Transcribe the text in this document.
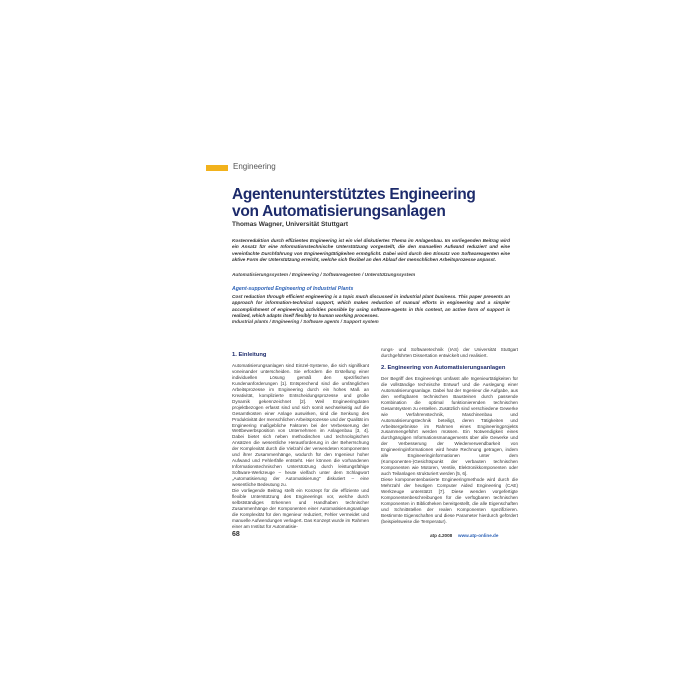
Engineering
Agentenunterstütztes Engineering
von Automatisierungsanlagen
Thomas Wagner, Universität Stuttgart
Kostenreduktion durch effizientes Engineering ist ein viel diskutiertes Thema im Anlagenbau. Im vorliegenden Beitrag wird ein Ansatz für eine Informationstechnische Unterstützung vorgestellt, die den manuellen Aufwand reduziert und eine vereinfachte Durchführung von Engineeringtätigkeiten ermöglicht. Dabei wird durch den Einsatz von Softwareagenten eine aktive Form der Unterstützung erreicht, welche sich flexibel an den Ablauf der menschlichen Arbeitsprozesse anpasst.
Automatisierungssystem / Engineering / Softwareagenten / Unterstützungssystem
Agent-supported Engineering of Industrial Plants
Cost reduction through efficient engineering is a topic much discussed in industrial plant business. This paper presents an approach for information-technical support, which makes reduction of manual efforts in engineering and a simpler accomplishment of engineering activities possible by using software-agents in this context, an active form of support is realized, which adapts itself flexibly to human working processes.
Industrial plants / Engineering / Software agents / Support system
1. Einleitung

Automatisierungsanlagen sind Einzel-Systeme, die sich signifikant voneinander unterscheiden. Sie erfordern die Erstellung einer individuellen Lösung gemäß den spezifischen Kundenanforderungen [1]. Entsprechend sind die umfänglichen Arbeitsprozesse im Engineering durch ein hohes Maß an Kreativität, komplizierte Entscheidungsprozesse und große Dynamik gekennzeichnet [2]. Weil Engineeringdaten projektbezogen erfasst sind und sich somit wechselseitig auf die Gesamtkosten einer Anlage auswirken, sind die Senkung des Produktivität der menschlichen Arbeitsprozesse und der Qualität im Engineering maßgebliche Faktoren bei der Verbesserung der Wettbewerbsposition von Unternehmen im Anlagenbau [3, 4]. Dabei bietet sich neben methodischen und technologischen Ansätzen die wesentliche Herausforderung in der Beherrschung der Komplexität durch die Vielzahl der verwendeten Komponenten und ihrer Zusammenhänge, wodurch für den Ingenieur hoher Aufwand und Fehlerfälle entsteht. Hier können die vorhandenen Informationstechnischen Unterstützung durch leistungsfähige Software-Werkzeuge – heute vielfach unter dem Schlagwort „Automatisierung der Automatisierung" diskutiert – eine wesentliche Bedeutung zu.

Die vorliegende Beitrag stellt ein Konzept für die effiziente und flexible Unterstützung des Engineerings vor, welche durch selbstständiges Erkennen und Handhaben technischer Zusammenhänge der Komponenten einer Automatisierungsanlage die Komplexität für den Ingenieur reduziert, Fehler vermeidet und manuelle Aufwendungen verlagert. Das Konzept wurde im Rahmen einer am Institut für Automatisie-

rungs- und Softwaretechnik (IAS) der Universität Stuttgart durchgeführten Dissertation entwickelt und realisiert.

2. Engineering von Automatisierungsanlagen

Der Begriff des Engineerings umfasst alle Ingenieurtätigkeiten für die vollständige technische Entwurf und die Auslegung einer Automatisierungsanlage. Dabei hat der Ingenieur die Aufgabe, aus den verfügbaren technischen Bausteinen durch passende Kombination die optimal funktionierenden technischen Gesamtsystem zu erstellen. Zusätzlich sind verschiedene Gewerke wie Verfahrenstechnik, Maschinenbau und Automatisierungstechnik beteiligt, deren Tätigkeiten und Arbeitsergebnisse im Rahmen eines Engineeringprojekts zusammengeführt werden müssen. Ein Notwendigkeit eines durchgängigen Informationsmanagements über alle Gewerke und der Verbesserung der Wiederverwendbarkeit von Engineeringinformationen wird heute Rechnung getragen, indem alle Engineeringinformationen unter dem (Komponenten-)Gesichtspunkt der verbauten technischen Komponenten wie Motoren, Ventile, Elektronikkomponenten oder auch Teilanlagen strukturiert werden [5, 6].

Diese komponentenbasierte Engineeringmethode wird durch die Mehrzahl der heutigen Computer Aided Engineering (CAE) Werkzeuge unterstützt [7]. Diese wenden vorgefertigte Komponentenbeschreibungen für die verfügbaren technischen Komponenten in Bibliotheken bereitgestellt, die alle Eigenschaften und Schnittstellen der realen Komponenten spezifizieren. Bestimmte Eigenschaften und diese Parameter hierdurch gefördert (beispielsweise die Temperatur).

68	atp 4.2008 www.atp-online.de
